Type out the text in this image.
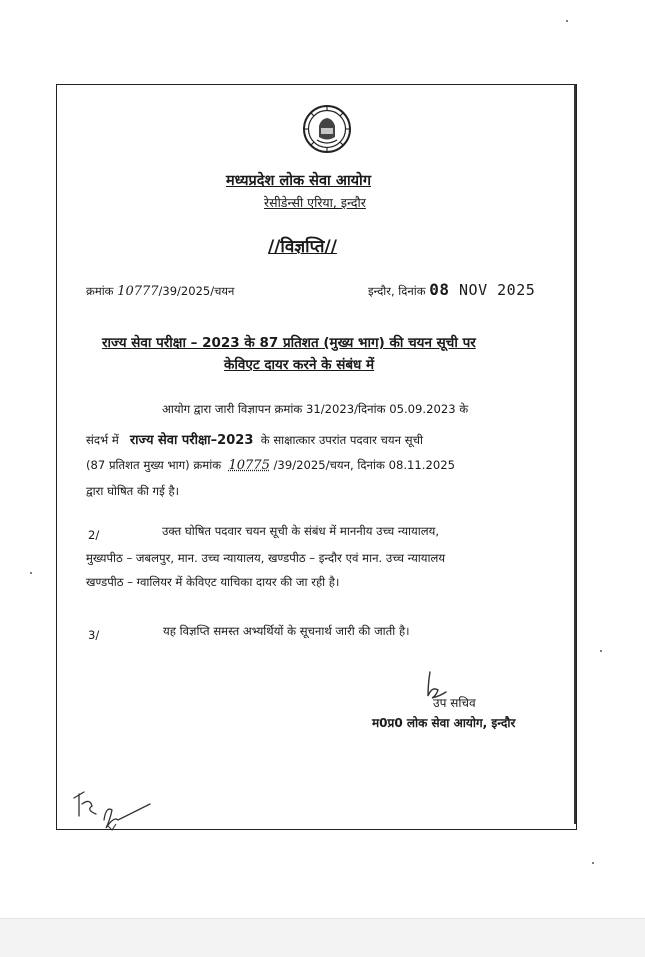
मध्यप्रदेश लोक सेवा आयोग
रेसीडेन्सी एरिया, इन्दौर
//विज्ञप्ति//
क्रमांक 10777/39/2025/चयन	इन्दौर, दिनांक 08 NOV 2025
राज्य सेवा परीक्षा – 2023 के 87 प्रतिशत (मुख्य भाग) की चयन सूची पर
केविएट दायर करने के संबंध में
आयोग द्वारा जारी विज्ञापन क्रमांक 31/2023/दिनांक 05.09.2023 के
संदर्भ में राज्य सेवा परीक्षा–2023 के साक्षात्कार उपरांत पदवार चयन सूची
(87 प्रतिशत मुख्य भाग) क्रमांक 10775 /39/2025/चयन, दिनांक 08.11.2025
द्वारा घोषित की गई है।
2/	उक्त घोषित पदवार चयन सूची के संबंध में माननीय उच्च न्यायालय,
मुख्यपीठ – जबलपुर, मान. उच्च न्यायालय, खण्डपीठ – इन्दौर एवं मान. उच्च न्यायालय
खण्डपीठ – ग्वालियर में केविएट याचिका दायर की जा रही है।
3/	यह विज्ञप्ति समस्त अभ्यर्थियों के सूचनार्थ जारी की जाती है।
उप सचिव
म0प्र0 लोक सेवा आयोग, इन्दौर
